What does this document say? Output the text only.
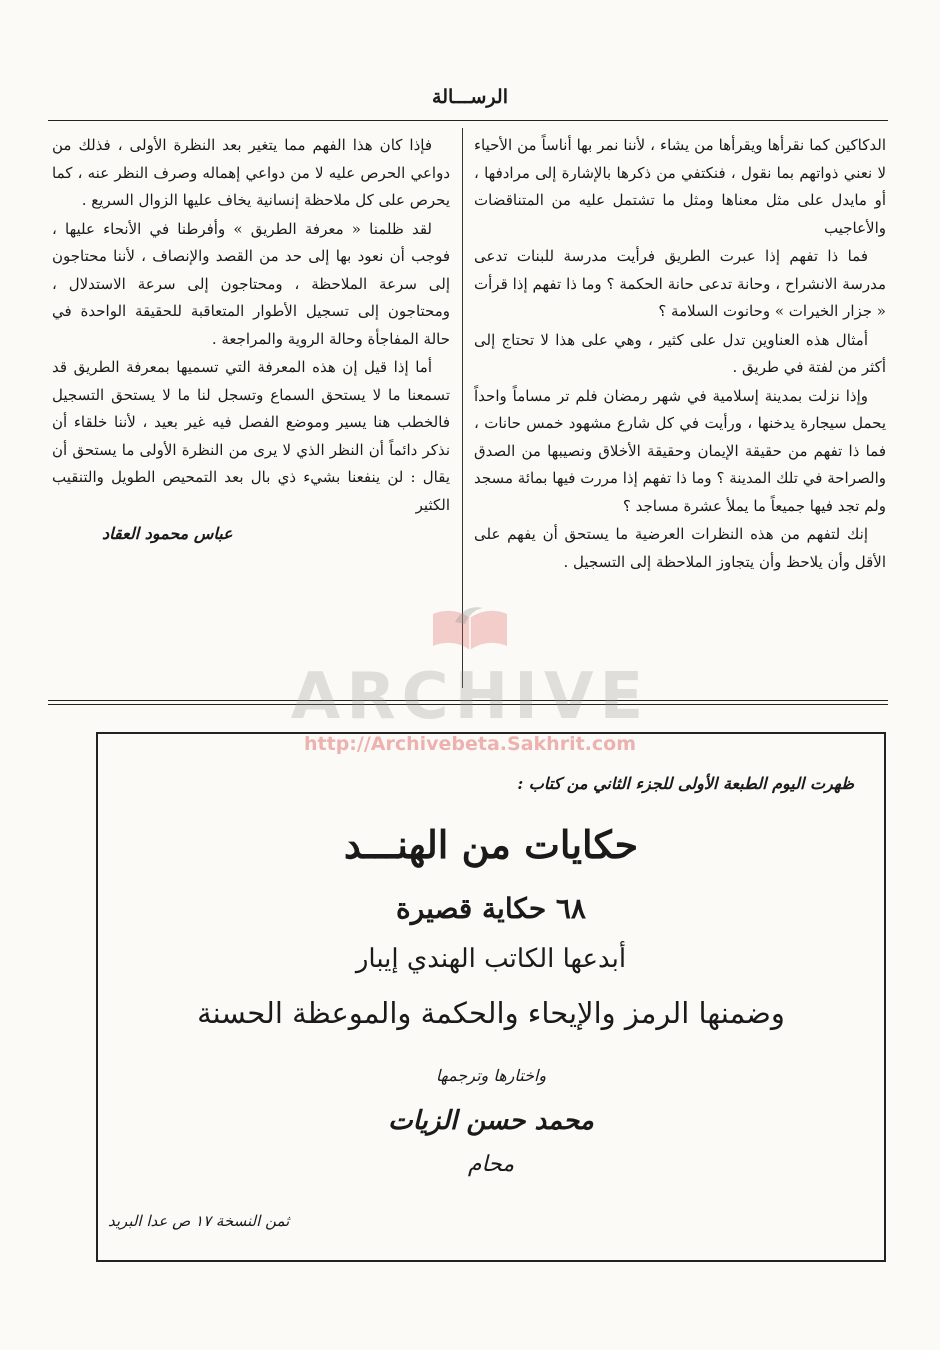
الرســـالة

الدكاكين كما نقرأها ويقرأها من يشاء ، لأننا نمر بها أناساً من الأحياء لا نعني ذواتهم بما نقول ، فنكتفي من ذكرها بالإشارة إلى مرادفها ، أو مايدل على مثل معناها ومثل ما تشتمل عليه من المتناقضات والأعاجيب

فما ذا تفهم إذا عبرت الطريق فرأيت مدرسة للبنات تدعى مدرسة الانشراح ، وحانة تدعى حانة الحكمة ؟ وما ذا تفهم إذا قرأت « جزار الخيرات » وحانوت السلامة ؟

أمثال هذه العناوين تدل على كثير ، وهي على هذا لا تحتاج إلى أكثر من لفتة في طريق .

وإذا نزلت بمدينة إسلامية في شهر رمضان فلم تر مساماً واحداً يحمل سيجارة يدخنها ، ورأيت في كل شارع مشهود خمس حانات ، فما ذا تفهم من حقيقة الإيمان وحقيقة الأخلاق ونصيبها من الصدق والصراحة في تلك المدينة ؟ وما ذا تفهم إذا مررت فيها بمائة مسجد ولم تجد فيها جميعاً ما يملأ عشرة مساجد ؟

إنك لتفهم من هذه النظرات العرضية ما يستحق أن يفهم على الأقل وأن يلاحظ وأن يتجاوز الملاحظة إلى التسجيل .

فإذا كان هذا الفهم مما يتغير بعد النظرة الأولى ، فذلك من دواعي الحرص عليه لا من دواعي إهماله وصرف النظر عنه ، كما يحرص على كل ملاحظة إنسانية يخاف عليها الزوال السريع .

لقد ظلمنا « معرفة الطريق » وأفرطنا في الأنحاء عليها ، فوجب أن نعود بها إلى حد من القصد والإنصاف ، لأننا محتاجون إلى سرعة الملاحظة ، ومحتاجون إلى سرعة الاستدلال ، ومحتاجون إلى تسجيل الأطوار المتعاقبة للحقيقة الواحدة في حالة المفاجأة وحالة الروية والمراجعة .

أما إذا قيل إن هذه المعرفة التي تسميها بمعرفة الطريق قد تسمعنا ما لا يستحق السماع وتسجل لنا ما لا يستحق التسجيل فالخطب هنا يسير وموضع الفصل فيه غير بعيد ، لأننا خلقاء أن نذكر دائماً أن النظر الذي لا يرى من النظرة الأولى ما يستحق أن يقال : لن ينفعنا بشيء ذي بال بعد التمحيص الطويل والتنقيب الكثير

عباس محمود العقاد

ARCHIVE
http://Archivebeta.Sakhrit.com
ظهرت اليوم الطبعة الأولى للجزء الثاني من كتاب :
حكايات من الهنـــد
٦٨ حكاية قصيرة
أبدعها الكاتب الهندي إيبار
وضمنها الرمز والإيحاء والحكمة والموعظة الحسنة
واختارها وترجمها
محمد حسن الزيات
محام
ثمن النسخة ١٧ ص عدا البريد
